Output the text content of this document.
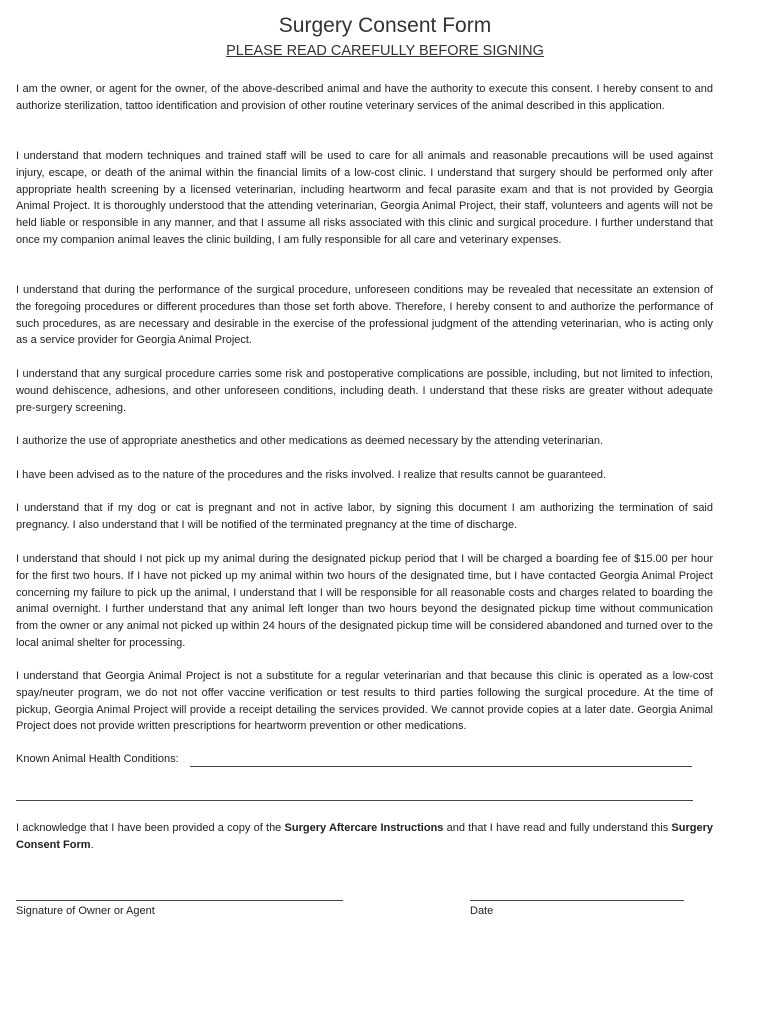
Surgery Consent Form
PLEASE READ CAREFULLY BEFORE SIGNING

I am the owner, or agent for the owner, of the above-described animal and have the authority to execute this consent. I hereby consent to and authorize sterilization, tattoo identification and provision of other routine veterinary services of the animal described in this application.

I understand that modern techniques and trained staff will be used to care for all animals and reasonable precautions will be used against injury, escape, or death of the animal within the financial limits of a low-cost clinic. I understand that surgery should be performed only after appropriate health screening by a licensed veterinarian, including heartworm and fecal parasite exam and that is not provided by Georgia Animal Project. It is thoroughly understood that the attending veterinarian, Georgia Animal Project, their staff, volunteers and agents will not be held liable or responsible in any manner, and that I assume all risks associated with this clinic and surgical procedure. I further understand that once my companion animal leaves the clinic building, I am fully responsible for all care and veterinary expenses.

I understand that during the performance of the surgical procedure, unforeseen conditions may be revealed that necessitate an extension of the foregoing procedures or different procedures than those set forth above. Therefore, I hereby consent to and authorize the performance of such procedures, as are necessary and desirable in the exercise of the professional judgment of the attending veterinarian, who is acting only as a service provider for Georgia Animal Project.

I understand that any surgical procedure carries some risk and postoperative complications are possible, including, but not limited to infection, wound dehiscence, adhesions, and other unforeseen conditions, including death. I understand that these risks are greater without adequate pre-surgery screening.

I authorize the use of appropriate anesthetics and other medications as deemed necessary by the attending veterinarian.

I have been advised as to the nature of the procedures and the risks involved. I realize that results cannot be guaranteed.

I understand that if my dog or cat is pregnant and not in active labor, by signing this document I am authorizing the termination of said pregnancy. I also understand that I will be notified of the terminated pregnancy at the time of discharge.

I understand that should I not pick up my animal during the designated pickup period that I will be charged a boarding fee of $15.00 per hour for the first two hours. If I have not picked up my animal within two hours of the designated time, but I have contacted Georgia Animal Project concerning my failure to pick up the animal, I understand that I will be responsible for all reasonable costs and charges related to boarding the animal overnight. I further understand that any animal left longer than two hours beyond the designated pickup time without communication from the owner or any animal not picked up within 24 hours of the designated pickup time will be considered abandoned and turned over to the local animal shelter for processing.

I understand that Georgia Animal Project is not a substitute for a regular veterinarian and that because this clinic is operated as a low-cost spay/neuter program, we do not not offer vaccine verification or test results to third parties following the surgical procedure. At the time of pickup, Georgia Animal Project will provide a receipt detailing the services provided. We cannot provide copies at a later date. Georgia Animal Project does not provide written prescriptions for heartworm prevention or other medications.

Known Animal Health Conditions:

I acknowledge that I have been provided a copy of the Surgery Aftercare Instructions and that I have read and fully understand this Surgery Consent Form.

Signature of Owner or Agent	Date
